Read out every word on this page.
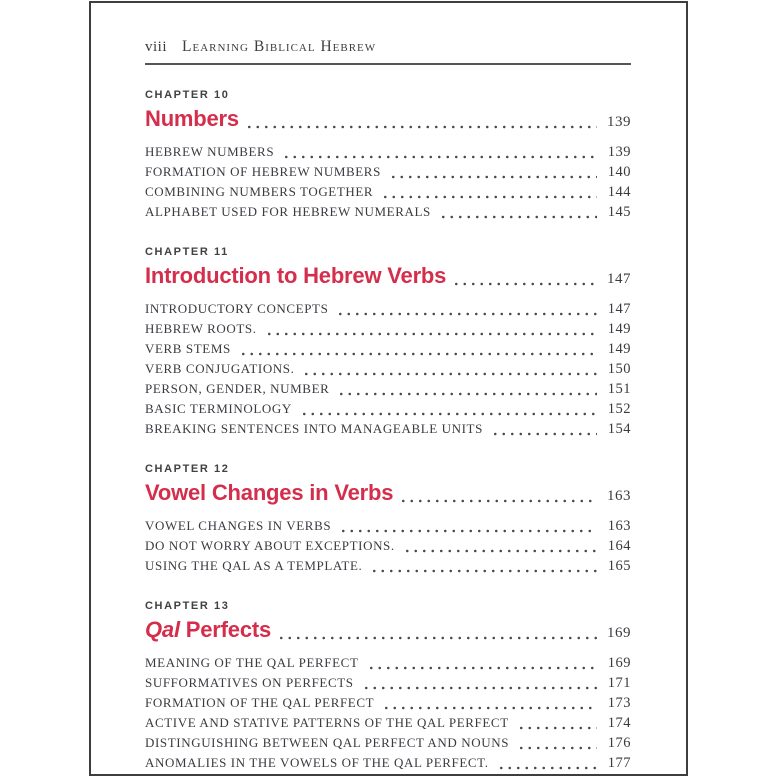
viii Learning Biblical Hebrew
CHAPTER 10
Numbers	139
HEBREW NUMBERS	139
FORMATION OF HEBREW NUMBERS	140
COMBINING NUMBERS TOGETHER	144
ALPHABET USED FOR HEBREW NUMERALS	145
CHAPTER 11
Introduction to Hebrew Verbs	147
INTRODUCTORY CONCEPTS	147
HEBREW ROOTS.	149
VERB STEMS	149
VERB CONJUGATIONS.	150
PERSON, GENDER, NUMBER	151
BASIC TERMINOLOGY	152
BREAKING SENTENCES INTO MANAGEABLE UNITS	154
CHAPTER 12
Vowel Changes in Verbs	163
VOWEL CHANGES IN VERBS	163
DO NOT WORRY ABOUT EXCEPTIONS.	164
USING THE QAL AS A TEMPLATE.	165
CHAPTER 13
Qal Perfects	169
MEANING OF THE QAL PERFECT	169
SUFFORMATIVES ON PERFECTS	171
FORMATION OF THE QAL PERFECT	173
ACTIVE AND STATIVE PATTERNS OF THE QAL PERFECT	174
DISTINGUISHING BETWEEN QAL PERFECT AND NOUNS	176
ANOMALIES IN THE VOWELS OF THE QAL PERFECT.	177
